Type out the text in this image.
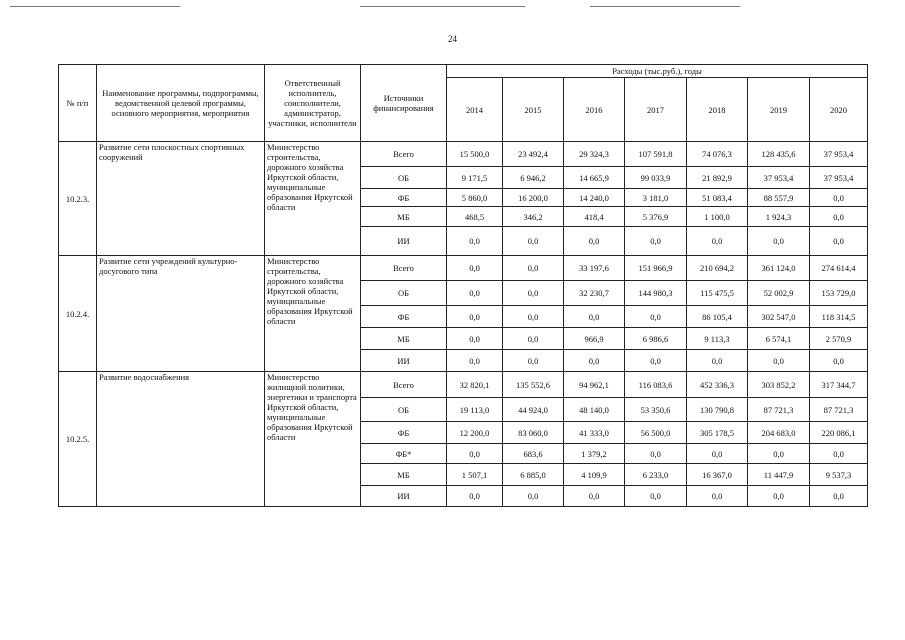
24
№ п/п	Наименование программы, подпрограммы, ведомственной целевой программы, основного мероприятия, мероприятия	Ответственный исполнитель, соисполнители, администратор, участники, исполнители	Источники финансирования	Расходы (тыс.руб.), годы						
				2014	2015	2016	2017	2018	2019	2020
10.2.3.	Развитие сети плоскостных спортивных сооружений	Министерство строительства, дорожного хозяйства Иркутской области, муниципальные образования Иркутской области	Всего	15 500,0	23 492,4	29 324,3	107 591,8	74 076,3	128 435,6	37 953,4
			ОБ	9 171,5	6 946,2	14 665,9	99 033,9	21 892,9	37 953,4	37 953,4
			ФБ	5 860,0	16 200,0	14 240,0	3 181,0	51 083,4	88 557,9	0,0
			МБ	468,5	346,2	418,4	5 376,9	1 100,0	1 924,3	0,0
			ИИ	0,0	0,0	0,0	0,0	0,0	0,0	0,0
10.2.4.	Развитие сети учреждений культурно-досугового типа	Министерство строительства, дорожного хозяйства Иркутской области, муниципальные образования Иркутской области	Всего	0,0	0,0	33 197,6	151 966,9	210 694,2	361 124,0	274 614,4
			ОБ	0,0	0,0	32 230,7	144 980,3	115 475,5	52 002,9	153 729,0
			ФБ	0,0	0,0	0,0	0,0	86 105,4	302 547,0	118 314,5
			МБ	0,0	0,0	966,9	6 986,6	9 113,3	6 574,1	2 570,9
			ИИ	0,0	0,0	0,0	0,0	0,0	0,0	0,0
10.2.5.	Развитие водоснабжения	Министерство жилищной политики, энергетики и транспорта Иркутской области, муниципальные образования Иркутской области	Всего	32 820,1	135 552,6	94 962,1	116 083,6	452 336,3	303 852,2	317 344,7
			ОБ	19 113,0	44 924,0	48 140,0	53 350,6	130 790,8	87 721,3	87 721,3
			ФБ	12 200,0	83 060,0	41 333,0	56 500,0	305 178,5	204 683,0	220 086,1
			ФБ*	0,0	683,6	1 379,2	0,0	0,0	0,0	0,0
			МБ	1 507,1	6 885,0	4 109,9	6 233,0	16 367,0	11 447,9	9 537,3
			ИИ	0,0	0,0	0,0	0,0	0,0	0,0	0,0
